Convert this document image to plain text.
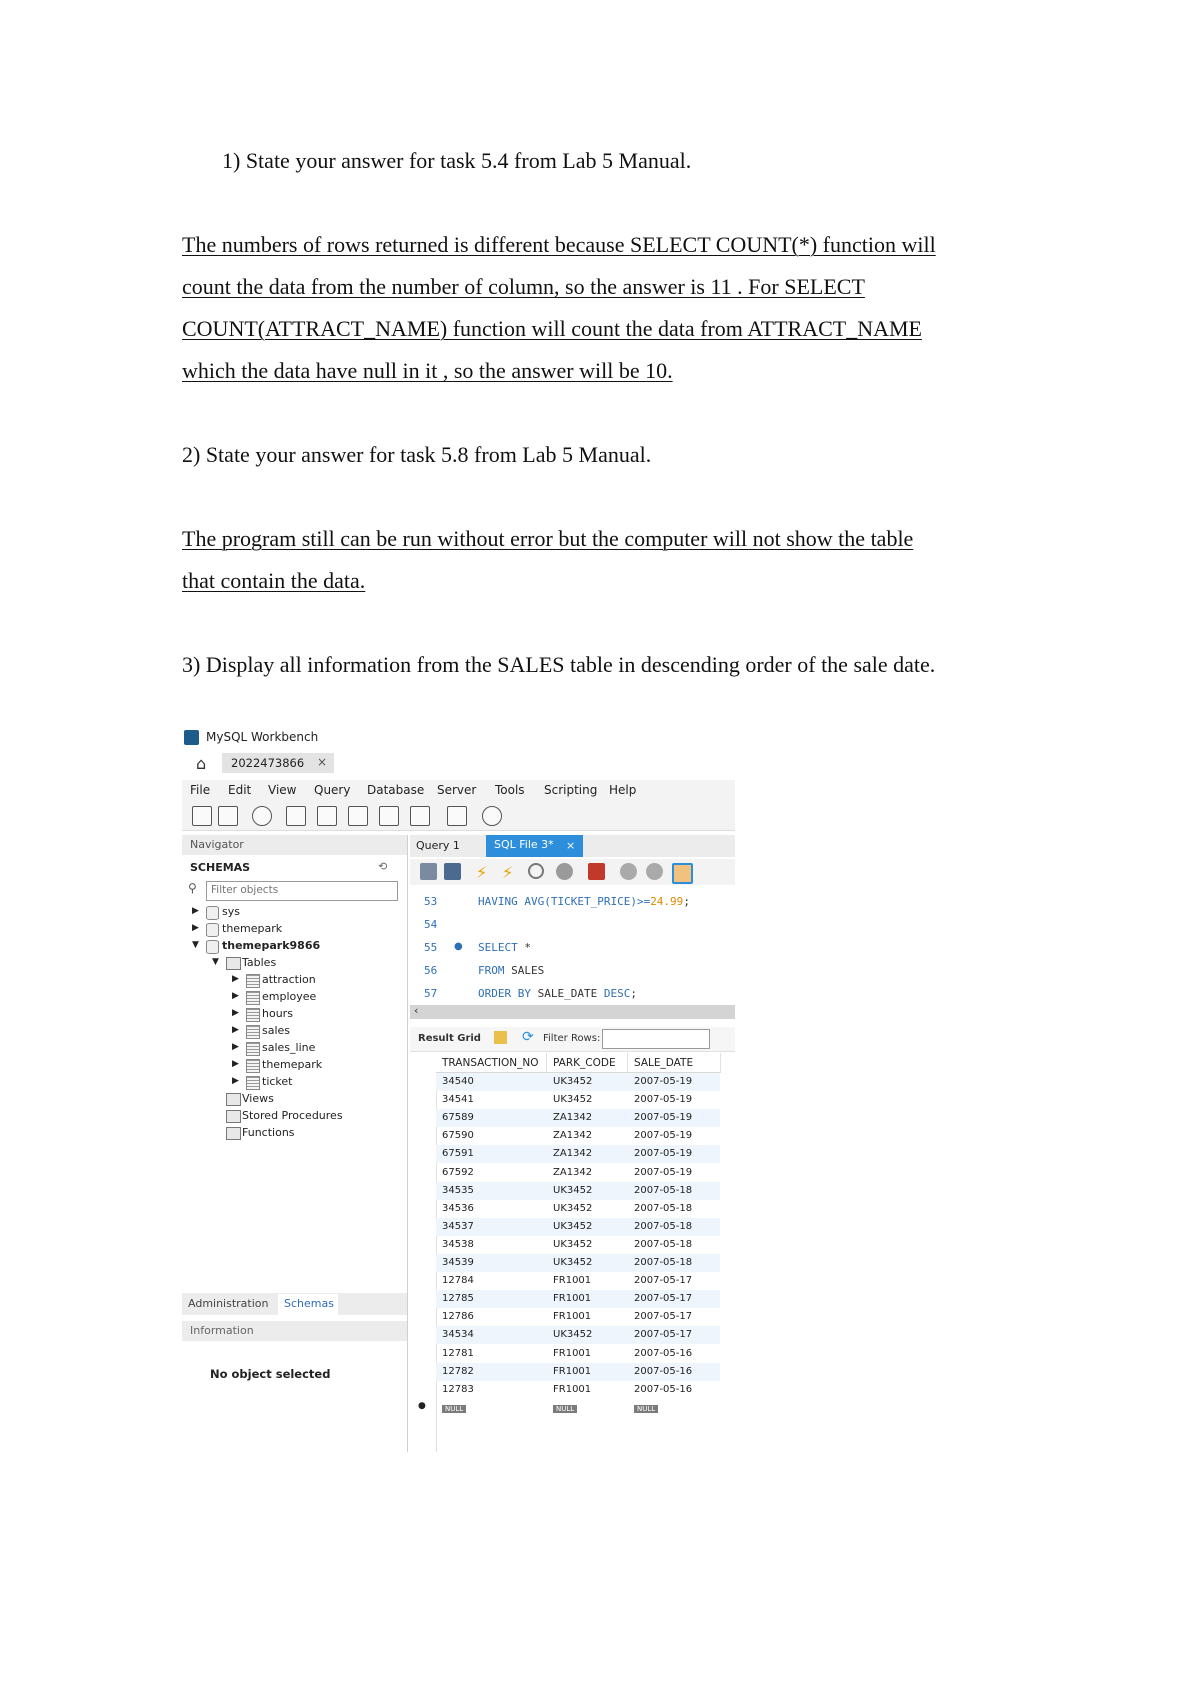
1) State your answer for task 5.4 from Lab 5 Manual.
The numbers of rows returned is different because SELECT COUNT(*) function will
count the data from the number of column, so the answer is 11 . For SELECT
COUNT(ATTRACT_NAME) function will count the data from ATTRACT_NAME
which the data have null in it , so the answer will be 10.
2) State your answer for task 5.8 from Lab 5 Manual.
The program still can be run without error but the computer will not show the table
that contain the data.
3) Display all information from the SALES table in descending order of the sale date.
MySQL Workbench
⌂ 2022473866 ×
File Edit View Query Database Server Tools Scripting Help
Navigator
SCHEMAS	⟲
⚲
Filter objects
▶ sys
▶ themepark
▼ themepark9866
▼ Tables
▶ attraction
▶ employee
▶ hours
▶ sales
▶ sales_line
▶ themepark
▶ ticket
Views
Stored Procedures
Functions
Administration Schemas
Information
No object selected
Query 1	SQL File 3* ×
⚡ ⚡
53
54
55 ●
56
57
HAVING AVG(TICKET_PRICE)>=24.99;
SELECT *
FROM SALES
ORDER BY SALE_DATE DESC;
‹
Result Grid	⟳ Filter Rows:
TRANSACTION_NO PARK_CODE SALE_DATE
34540	UK3452	2007-05-19
34541	UK3452	2007-05-19
67589	ZA1342	2007-05-19
67590	ZA1342	2007-05-19
67591	ZA1342	2007-05-19
67592	ZA1342	2007-05-19
34535	UK3452	2007-05-18
34536	UK3452	2007-05-18
34537	UK3452	2007-05-18
34538	UK3452	2007-05-18
34539	UK3452	2007-05-18
12784	FR1001	2007-05-17
12785	FR1001	2007-05-17
12786	FR1001	2007-05-17
34534	UK3452	2007-05-17
12781	FR1001	2007-05-16
12782	FR1001	2007-05-16
12783	FR1001	2007-05-16
●	NULL	NULL	NULL
